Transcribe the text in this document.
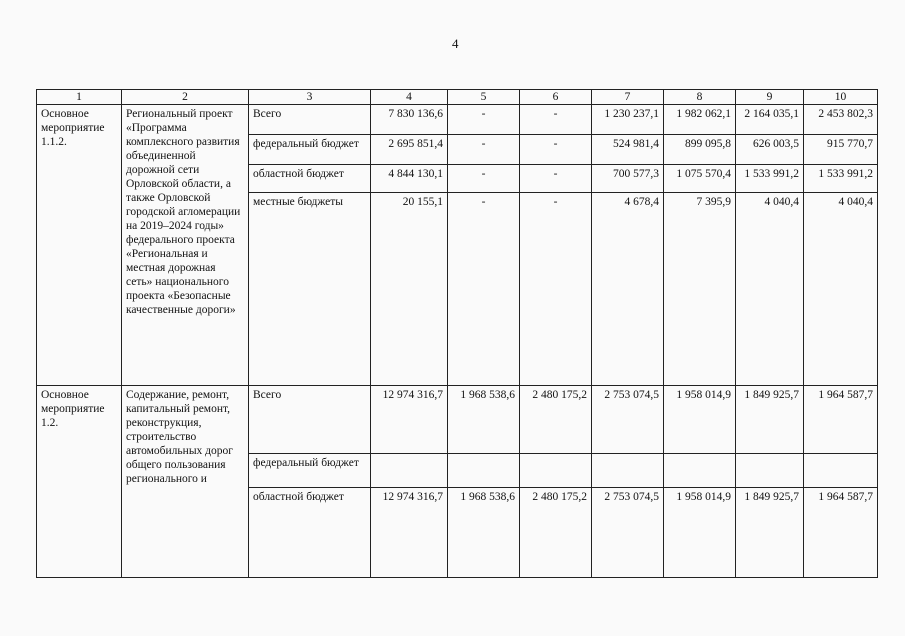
4
1	2	3	4	5	6	7	8	9	10
Основное мероприятие 1.1.2.	Региональный проект «Программа комплексного развития объединенной дорожной сети Орловской области, а также Орловской городской агломерации на 2019–2024 годы» федерального проекта «Региональная и местная дорожная сеть» национального проекта «Безопасные качественные дороги»	Всего	7 830 136,6	-	-	1 230 237,1	1 982 062,1	2 164 035,1	2 453 802,3
		федеральный бюджет	2 695 851,4	-	-	524 981,4	899 095,8	626 003,5	915 770,7
		областной бюджет	4 844 130,1	-	-	700 577,3	1 075 570,4	1 533 991,2	1 533 991,2
		местные бюджеты	20 155,1	-	-	4 678,4	7 395,9	4 040,4	4 040,4
Основное мероприятие 1.2.	Содержание, ремонт, капитальный ремонт, реконструкция, строительство автомобильных дорог общего пользования регионального и	Всего	12 974 316,7	1 968 538,6	2 480 175,2	2 753 074,5	1 958 014,9	1 849 925,7	1 964 587,7
		федеральный бюджет							
		областной бюджет	12 974 316,7	1 968 538,6	2 480 175,2	2 753 074,5	1 958 014,9	1 849 925,7	1 964 587,7
